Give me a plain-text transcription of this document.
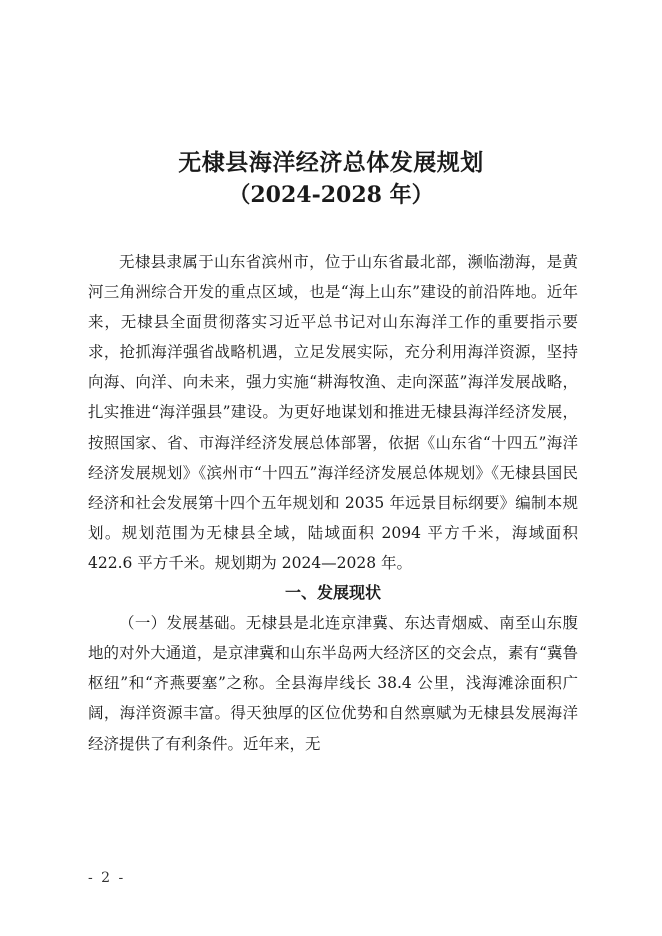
无棣县海洋经济总体发展规划
（2024-2028 年）

无棣县隶属于山东省滨州市，位于山东省最北部，濒临渤海，是黄河三角洲综合开发的重点区域，也是“海上山东”建设的前沿阵地。近年来，无棣县全面贯彻落实习近平总书记对山东海洋工作的重要指示要求，抢抓海洋强省战略机遇，立足发展实际，充分利用海洋资源，坚持向海、向洋、向未来，强力实施“耕海牧渔、走向深蓝”海洋发展战略，扎实推进“海洋强县”建设。为更好地谋划和推进无棣县海洋经济发展，按照国家、省、市海洋经济发展总体部署，依据《山东省“十四五”海洋经济发展规划》《滨州市“十四五”海洋经济发展总体规划》《无棣县国民经济和社会发展第十四个五年规划和 2035 年远景目标纲要》编制本规划。规划范围为无棣县全域，陆域面积 2094 平方千米，海域面积 422.6 平方千米。规划期为 2024—2028 年。

一、发展现状

（一）发展基础。无棣县是北连京津冀、东达青烟威、南至山东腹地的对外大通道，是京津冀和山东半岛两大经济区的交会点，素有“冀鲁枢纽”和“齐燕要塞”之称。全县海岸线长 38.4 公里，浅海滩涂面积广阔，海洋资源丰富。得天独厚的区位优势和自然禀赋为无棣县发展海洋经济提供了有利条件。近年来，无

- 2 -
